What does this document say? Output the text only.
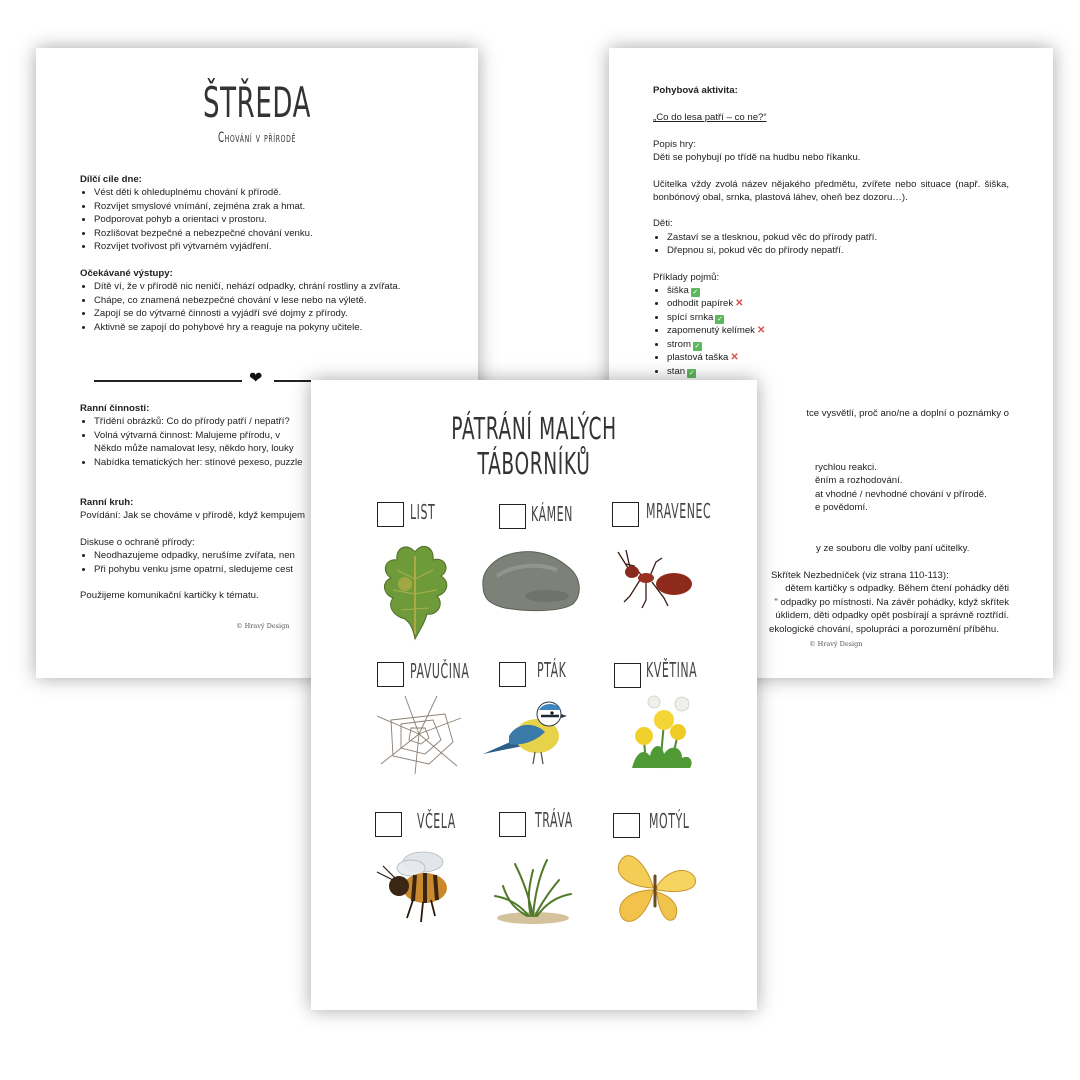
ŠTŘEDA
Chování v přírodě
Dílčí cíle dne:
• Vést děti k ohleduplnému chování k přírodě.
• Rozvíjet smyslové vnímání, zejména zrak a hmat.
• Podporovat pohyb a orientaci v prostoru.
• Rozlišovat bezpečné a nebezpečné chování venku.
• Rozvíjet tvořivost při výtvarném vyjádření.
Očekávané výstupy:
• Dítě ví, že v přírodě nic neničí, nehází odpadky, chrání rostliny a zvířata.
• Chápe, co znamená nebezpečné chování v lese nebo na výletě.
• Zapojí se do výtvarné činnosti a vyjádří své dojmy z přírody.
• Aktivně se zapojí do pohybové hry a reaguje na pokyny učitele.
❤
Ranní činnosti:
• Třídění obrázků: Co do přírody patří / nepatří?
• Volná výtvarná činnost: Malujeme přírodu, v
Někdo může namalovat lesy, někdo hory, louky
• Nabídka tematických her: stínové pexeso, puzzle
Ranní kruh:
Povídání: Jak se chováme v přírodě, když kempujem
Diskuse o ochraně přírody:
• Neodhazujeme odpadky, nerušíme zvířata, nen
• Při pohybu venku jsme opatrní, sledujeme cest
Použijeme komunikační kartičky k tématu.
© Hravý Design
Pohybová aktivita:
„Co do lesa patří – co ne?“
Popis hry:
Děti se pohybují po třídě na hudbu nebo říkanku.
Učitelka vždy zvolá název nějakého předmětu, zvířete nebo situace (např. šiška, bonbónový obal, srnka, plastová láhev, oheň bez dozoru…).
Děti:
• Zastaví se a tlesknou, pokud věc do přírody patří.
• Dřepnou si, pokud věc do přírody nepatří.
Příklady pojmů:
• šiška ✓
• odhodit papírek ✕
• spící srnka ✓
• zapomenutý kelímek ✕
• strom ✓
• plastová taška ✕
• stan ✓
tce vysvětlí, proč ano/ne a doplní o poznámky o
rychlou reakci.
ěním a rozhodování.
at vhodné / nevhodné chování v přírodě.
e povědomí.
y ze souboru dle volby paní učitelky.
Skřítek Nezbedníček (viz strana 110-113):
dětem kartičky s odpadky. Během čtení pohádky děti
" odpadky po místnosti. Na závěr pohádky, když skřítek
úklidem, děti odpadky opět posbírají a správně roztřídí.
ekologické chování, spolupráci a porozumění příběhu.
© Hravý Design
PÁTRÁNÍ MALÝCH TÁBORNÍKŮ
LIST	KÁMEN	MRAVENEC
PAVUČINA	PTÁK	KVĚTINA
VČELA	TRÁVA	MOTÝL
